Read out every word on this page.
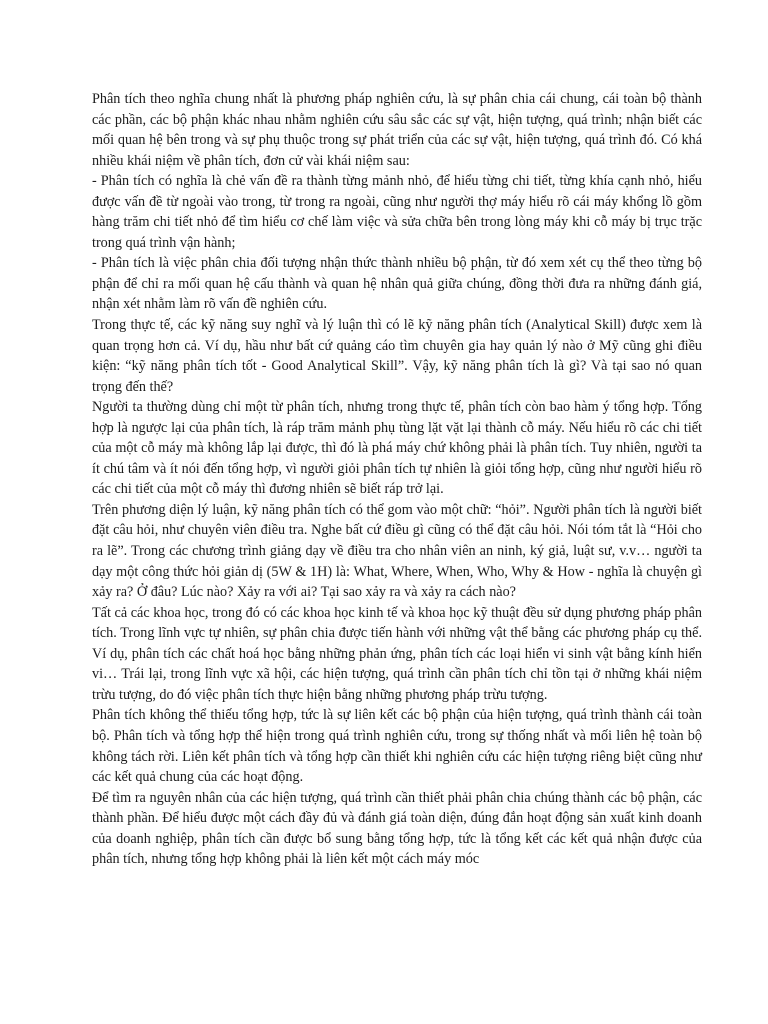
Phân tích theo nghĩa chung nhất là phương pháp nghiên cứu, là sự phân chia cái chung, cái toàn bộ thành các phần, các bộ phận khác nhau nhằm nghiên cứu sâu sắc các sự vật, hiện tượng, quá trình; nhận biết các mối quan hệ bên trong và sự phụ thuộc trong sự phát triển của các sự vật, hiện tượng, quá trình đó. Có khá nhiều khái niệm về phân tích, đơn cử vài khái niệm sau:

- Phân tích có nghĩa là chẻ vấn đề ra thành từng mảnh nhỏ, để hiểu từng chi tiết, từng khía cạnh nhỏ, hiểu được vấn đề từ ngoài vào trong, từ trong ra ngoài, cũng như người thợ máy hiểu rõ cái máy khổng lồ gồm hàng trăm chi tiết nhỏ để tìm hiểu cơ chế làm việc và sửa chữa bên trong lòng máy khi cỗ máy bị trục trặc trong quá trình vận hành;

- Phân tích là việc phân chia đối tượng nhận thức thành nhiều bộ phận, từ đó xem xét cụ thể theo từng bộ phận để chỉ ra mối quan hệ cấu thành và quan hệ nhân quả giữa chúng, đồng thời đưa ra những đánh giá, nhận xét nhằm làm rõ vấn đề nghiên cứu.

Trong thực tế, các kỹ năng suy nghĩ và lý luận thì có lẽ kỹ năng phân tích (Analytical Skill) được xem là quan trọng hơn cả. Ví dụ, hầu như bất cứ quảng cáo tìm chuyên gia hay quản lý nào ở Mỹ cũng ghi điều kiện: “kỹ năng phân tích tốt - Good Analytical Skill”. Vậy, kỹ năng phân tích là gì? Và tại sao nó quan trọng đến thế?

Người ta thường dùng chỉ một từ phân tích, nhưng trong thực tế, phân tích còn bao hàm ý tổng hợp. Tổng hợp là ngược lại của phân tích, là ráp trăm mảnh phụ tùng lặt vặt lại thành cỗ máy. Nếu hiểu rõ các chi tiết của một cỗ máy mà không lắp lại được, thì đó là phá máy chứ không phải là phân tích. Tuy nhiên, người ta ít chú tâm và ít nói đến tổng hợp, vì người giỏi phân tích tự nhiên là giỏi tổng hợp, cũng như người hiểu rõ các chi tiết của một cỗ máy thì đương nhiên sẽ biết ráp trở lại.

Trên phương diện lý luận, kỹ năng phân tích có thể gom vào một chữ: “hỏi”. Người phân tích là người biết đặt câu hỏi, như chuyên viên điều tra. Nghe bất cứ điều gì cũng có thể đặt câu hỏi. Nói tóm tắt là “Hỏi cho ra lẽ”. Trong các chương trình giảng dạy về điều tra cho nhân viên an ninh, ký giả, luật sư, v.v… người ta dạy một công thức hỏi giản dị (5W & 1H) là: What, Where, When, Who, Why & How - nghĩa là chuyện gì xảy ra? Ở đâu? Lúc nào? Xảy ra với ai? Tại sao xảy ra và xảy ra cách nào?

Tất cả các khoa học, trong đó có các khoa học kinh tế và khoa học kỹ thuật đều sử dụng phương pháp phân tích. Trong lĩnh vực tự nhiên, sự phân chia được tiến hành với những vật thể bằng các phương pháp cụ thể. Ví dụ, phân tích các chất hoá học bằng những phản ứng, phân tích các loại hiển vi sinh vật bằng kính hiển vi… Trái lại, trong lĩnh vực xã hội, các hiện tượng, quá trình cần phân tích chỉ tồn tại ở những khái niệm trừu tượng, do đó việc phân tích thực hiện bằng những phương pháp trừu tượng.

Phân tích không thể thiếu tổng hợp, tức là sự liên kết các bộ phận của hiện tượng, quá trình thành cái toàn bộ. Phân tích và tổng hợp thể hiện trong quá trình nghiên cứu, trong sự thống nhất và mối liên hệ toàn bộ không tách rời. Liên kết phân tích và tổng hợp cần thiết khi nghiên cứu các hiện tượng riêng biệt cũng như các kết quả chung của các hoạt động.

Để tìm ra nguyên nhân của các hiện tượng, quá trình cần thiết phải phân chia chúng thành các bộ phận, các thành phần. Để hiểu được một cách đầy đủ và đánh giá toàn diện, đúng đắn hoạt động sản xuất kinh doanh của doanh nghiệp, phân tích cần được bổ sung bằng tổng hợp, tức là tổng kết các kết quả nhận được của phân tích, nhưng tổng hợp không phải là liên kết một cách máy móc
